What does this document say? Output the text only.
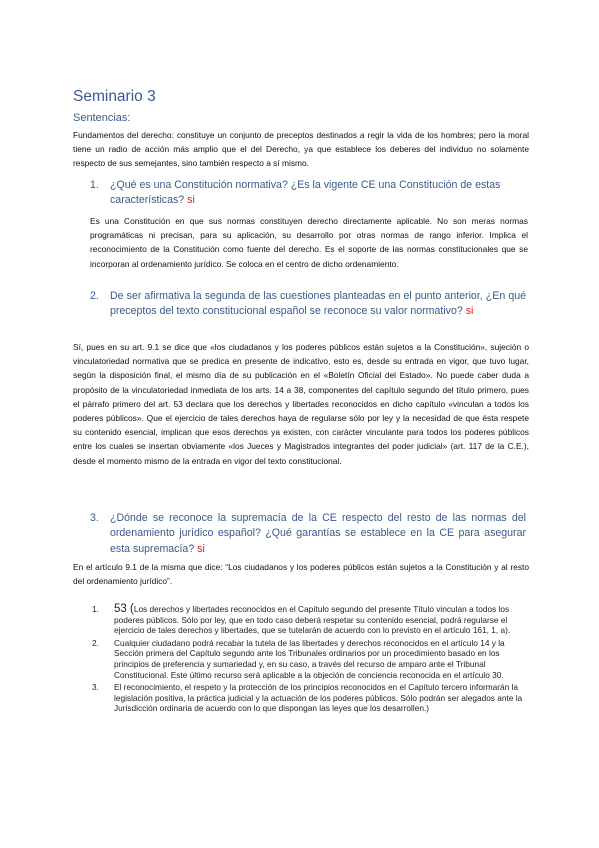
Seminario 3
Sentencias:
Fundamentos del derecho: constituye un conjunto de preceptos destinados a regir la vida de los hombres; pero la moral tiene un radio de acción más amplio que el del Derecho, ya que establece los deberes del individuo no solamente respecto de sus semejantes, sino también respecto a sí mismo.
1. ¿Qué es una Constitución normativa? ¿Es la vigente CE una Constitución de estas características? si
Es una Constitución en que sus normas constituyen derecho directamente aplicable. No son meras normas programáticas ni precisan, para su aplicación, su desarrollo por otras normas de rango inferior. Implica el reconocimiento de la Constitución como fuente del derecho. Es el soporte de las normas constitucionales que se incorporan al ordenamiento jurídico. Se coloca en el centro de dicho ordenamiento.
2. De ser afirmativa la segunda de las cuestiones planteadas en el punto anterior, ¿En qué preceptos del texto constitucional español se reconoce su valor normativo? si
Sí, pues en su art. 9.1 se dice que «los ciudadanos y los poderes públicos están sujetos a la Constitución», sujeción o vinculatoriedad normativa que se predica en presente de indicativo, esto es, desde su entrada en vigor, que tuvo lugar, según la disposición final, el mismo día de su publicación en el «Boletín Oficial del Estado». No puede caber duda a propósito de la vinculatoriedad inmediata de los arts. 14 a 38, componentes del capítulo segundo del título primero, pues el párrafo primero del art. 53 declara que los derechos y libertades reconocidos en dicho capítulo «vinculan a todos los poderes públicos». Que el ejercicio de tales derechos haya de regularse sólo por ley y la necesidad de que ésta respete su contenido esencial, implican que esos derechos ya existen, con carácter vinculante para todos los poderes públicos entre los cuales se insertan obviamente «los Jueces y Magistrados integrantes del poder judicial» (art. 117 de la C.E.), desde el momento mismo de la entrada en vigor del texto constitucional.
3. ¿Dónde se reconoce la supremacía de la CE respecto del resto de las normas del ordenamiento jurídico español? ¿Qué garantías se establece en la CE para asegurar esta supremacía? si
En el artículo 9.1 de la misma que dice: “Los ciudadanos y los poderes públicos están sujetos a la Constitución y al resto del ordenamiento jurídico”.
1. 53 (Los derechos y libertades reconocidos en el Capítulo segundo del presente Título vinculan a todos los poderes públicos. Sólo por ley, que en todo caso deberá respetar su contenido esencial, podrá regularse el ejercicio de tales derechos y libertades, que se tutelarán de acuerdo con lo previsto en el artículo 161, 1, a).
2. Cualquier ciudadano podrá recabar la tutela de las libertades y derechos reconocidos en el artículo 14 y la Sección primera del Capítulo segundo ante los Tribunales ordinarios por un procedimiento basado en los principios de preferencia y sumariedad y, en su caso, a través del recurso de amparo ante el Tribunal Constitucional. Este último recurso será aplicable a la objeción de conciencia reconocida en el artículo 30.
3. El reconocimiento, el respeto y la protección de los principios reconocidos en el Capítulo tercero informarán la legislación positiva, la práctica judicial y la actuación de los poderes públicos. Sólo podrán ser alegados ante la Jurisdicción ordinaria de acuerdo con lo que dispongan las leyes que los desarrollen.)
